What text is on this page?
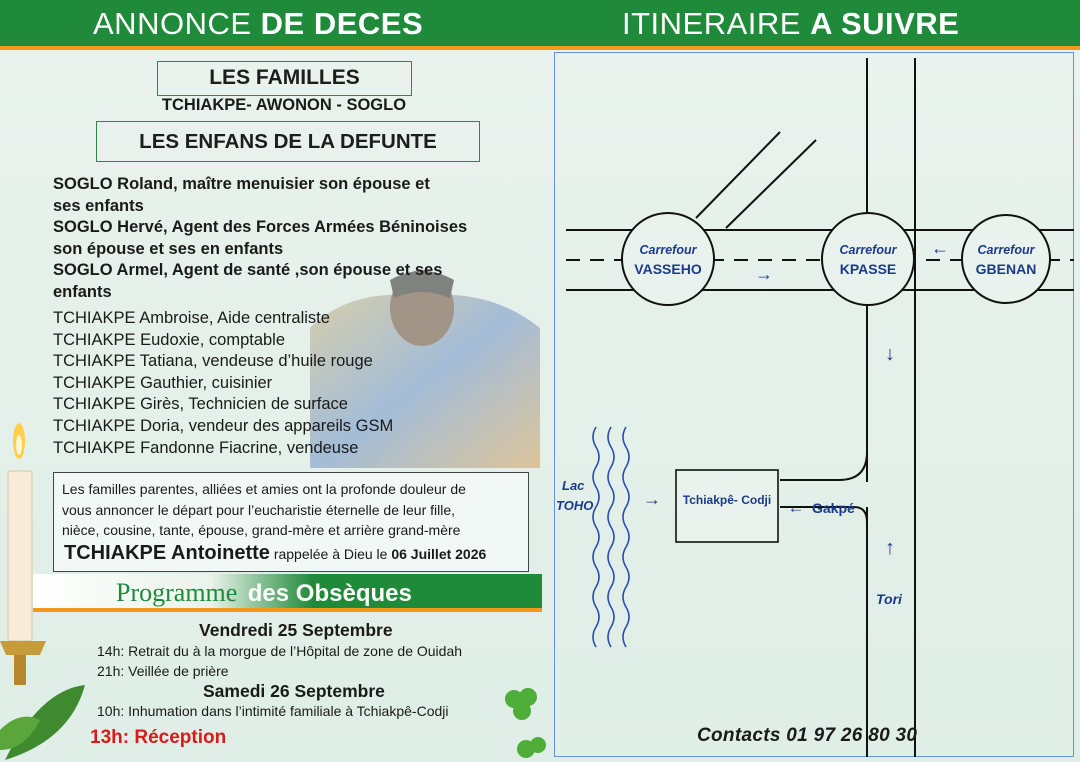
ANNONCE DE DECES	ITINERAIRE A SUIVRE
LES FAMILLES
TCHIAKPE- AWONON - SOGLO
LES ENFANS DE LA DEFUNTE
SOGLO Roland, maître menuisier son épouse et
ses enfants
SOGLO Hervé, Agent des Forces Armées Béninoises
son épouse et ses en enfants
SOGLO Armel, Agent de santé ,son épouse et ses
enfants
TCHIAKPE Ambroise, Aide centraliste
TCHIAKPE Eudoxie, comptable
TCHIAKPE Tatiana, vendeuse d’huile rouge
TCHIAKPE Gauthier, cuisinier
TCHIAKPE Girès, Technicien de surface
TCHIAKPE Doria, vendeur des appareils GSM
TCHIAKPE Fandonne Fiacrine, vendeuse
Les familles parentes, alliées et amies ont la profonde douleur de
vous annoncer le départ pour l’eucharistie éternelle de leur fille,
nièce, cousine, tante, épouse, grand-mère et arrière grand-mère
TCHIAKPE Antoinette rappelée à Dieu le 06 Juillet 2026
Programme des Obsèques
Vendredi 25 Septembre
14h: Retrait du à la morgue de l’Hôpital de zone de Ouidah
21h: Veillée de prière
Samedi 26 Septembre
10h: Inhumation dans l’intimité familiale à Tchiakpê-Codji
13h: Réception
Carrefour
VASSEHO
Carrefour
KPASSE
Carrefour
GBENAN
→
←
↓
↑
Lac
TOHO	→ Tchiakpê- Codji ← Gakpé
Tori
Contacts 01 97 26 80 30
